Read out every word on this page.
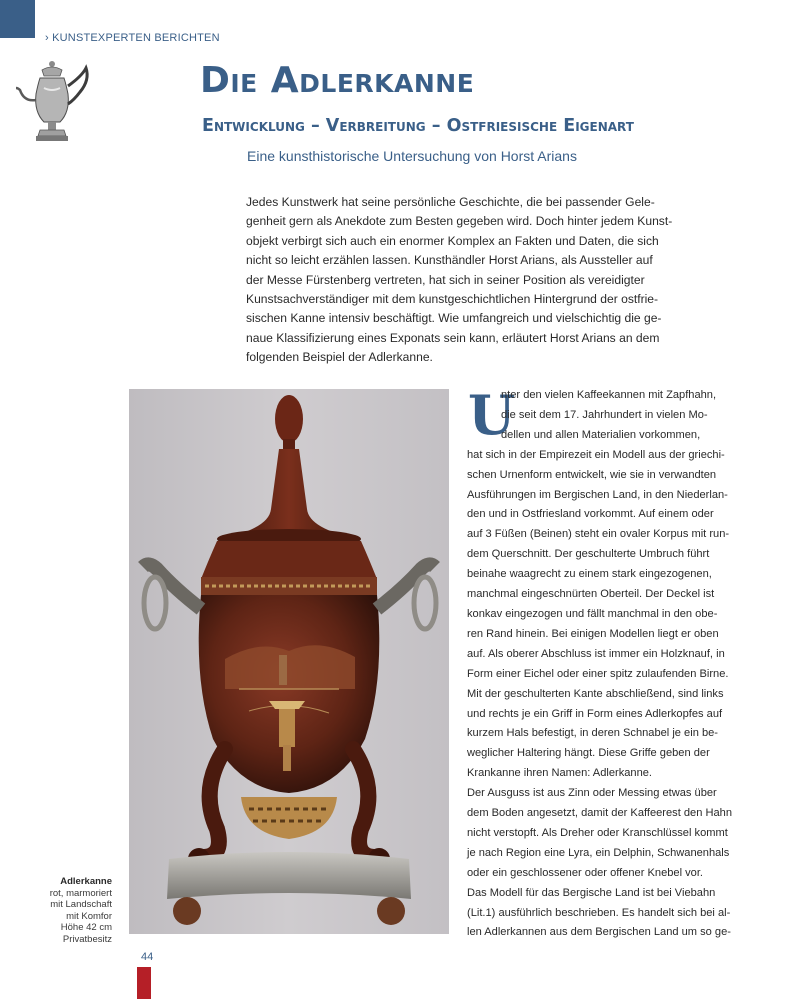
› KUNSTEXPERTEN BERICHTEN
Die Adlerkanne
Entwicklung – Verbreitung – Ostfriesische Eigenart
Eine kunsthistorische Untersuchung von Horst Arians
Jedes Kunstwerk hat seine persönliche Geschichte, die bei passender Gele-
genheit gern als Anekdote zum Besten gegeben wird. Doch hinter jedem Kunst-
objekt verbirgt sich auch ein enormer Komplex an Fakten und Daten, die sich
nicht so leicht erzählen lassen. Kunsthändler Horst Arians, als Aussteller auf
der Messe Fürstenberg vertreten, hat sich in seiner Position als vereidigter
Kunstsachverständiger mit dem kunstgeschichtlichen Hintergrund der ostfrie-
sischen Kanne intensiv beschäftigt. Wie umfangreich und vielschichtig die ge-
naue Klassifizierung eines Exponats sein kann, erläutert Horst Arians an dem
folgenden Beispiel der Adlerkanne.
Adlerkanne
rot, marmoriert
mit Landschaft
mit Komfor
Höhe 42 cm
Privatbesitz
U
nter den vielen Kaffeekannen mit Zapfhahn,
die seit dem 17. Jahrhundert in vielen Mo-
dellen und allen Materialien vorkommen,
hat sich in der Empirezeit ein Modell aus der griechi-
schen Urnenform entwickelt, wie sie in verwandten
Ausführungen im Bergischen Land, in den Niederlan-
den und in Ostfriesland vorkommt. Auf einem oder
auf 3 Füßen (Beinen) steht ein ovaler Korpus mit run-
dem Querschnitt. Der geschulterte Umbruch führt
beinahe waagrecht zu einem stark eingezogenen,
manchmal eingeschnürten Oberteil. Der Deckel ist
konkav eingezogen und fällt manchmal in den obe-
ren Rand hinein. Bei einigen Modellen liegt er oben
auf. Als oberer Abschluss ist immer ein Holzknauf, in
Form einer Eichel oder einer spitz zulaufenden Birne.
Mit der geschulterten Kante abschließend, sind links
und rechts je ein Griff in Form eines Adlerkopfes auf
kurzem Hals befestigt, in deren Schnabel je ein be-
weglicher Haltering hängt. Diese Griffe geben der
Krankanne ihren Namen: Adlerkanne.
Der Ausguss ist aus Zinn oder Messing etwas über
dem Boden angesetzt, damit der Kaffeerest den Hahn
nicht verstopft. Als Dreher oder Kranschlüssel kommt
je nach Region eine Lyra, ein Delphin, Schwanenhals
oder ein geschlossener oder offener Knebel vor.
Das Modell für das Bergische Land ist bei Viebahn
(Lit.1) ausführlich beschrieben. Es handelt sich bei al-
len Adlerkannen aus dem Bergischen Land um so ge-
44
